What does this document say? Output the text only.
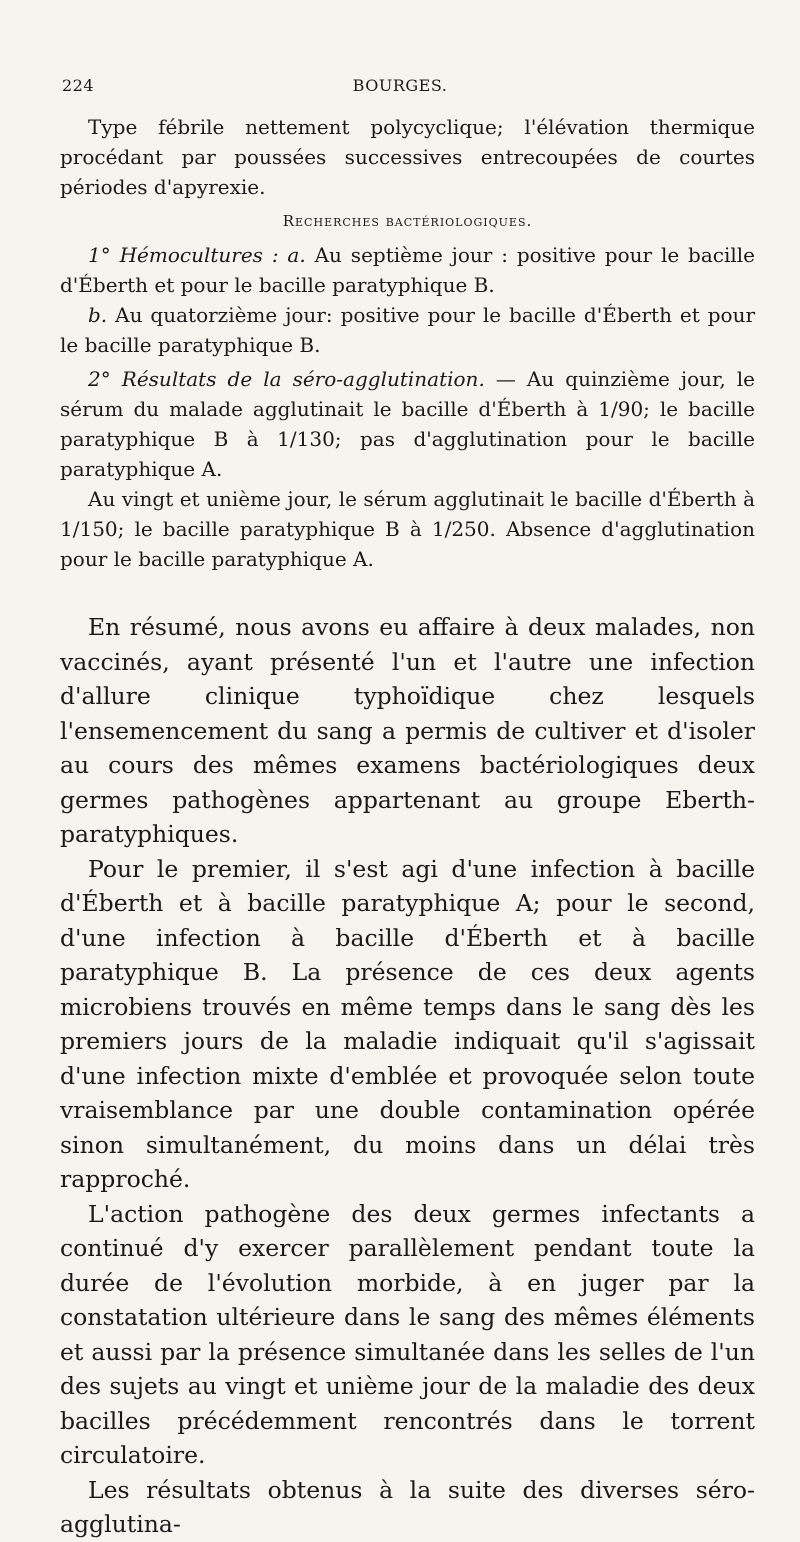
224	BOURGES.

Type fébrile nettement polycyclique; l'élévation thermique procédant par poussées successives entrecoupées de courtes périodes d'apyrexie.

Recherches bactériologiques.

1° Hémocultures : a. Au septième jour : positive pour le bacille d'Éberth et pour le bacille paratyphique B.

b. Au quatorzième jour: positive pour le bacille d'Éberth et pour le bacille paratyphique B.

2° Résultats de la séro-agglutination. — Au quinzième jour, le sérum du malade agglutinait le bacille d'Éberth à 1/90; le bacille paratyphique B à 1/130; pas d'agglutination pour le bacille paratyphique A.

Au vingt et unième jour, le sérum agglutinait le bacille d'Éberth à 1/150; le bacille paratyphique B à 1/250. Absence d'agglutination pour le bacille paratyphique A.

En résumé, nous avons eu affaire à deux malades, non vaccinés, ayant présenté l'un et l'autre une infection d'allure clinique typhoïdique chez lesquels l'ensemencement du sang a permis de cultiver et d'isoler au cours des mêmes examens bactériologiques deux germes pathogènes appartenant au groupe Eberth-paratyphiques.

Pour le premier, il s'est agi d'une infection à bacille d'Éberth et à bacille paratyphique A; pour le second, d'une infection à bacille d'Éberth et à bacille paratyphique B. La présence de ces deux agents microbiens trouvés en même temps dans le sang dès les premiers jours de la maladie indiquait qu'il s'agissait d'une infection mixte d'emblée et provoquée selon toute vraisemblance par une double contamination opérée sinon simultanément, du moins dans un délai très rapproché.

L'action pathogène des deux germes infectants a continué d'y exercer parallèlement pendant toute la durée de l'évolution morbide, à en juger par la constatation ultérieure dans le sang des mêmes éléments et aussi par la présence simultanée dans les selles de l'un des sujets au vingt et unième jour de la maladie des deux bacilles précédemment rencontrés dans le torrent circulatoire.

Les résultats obtenus à la suite des diverses séro-agglutina-
